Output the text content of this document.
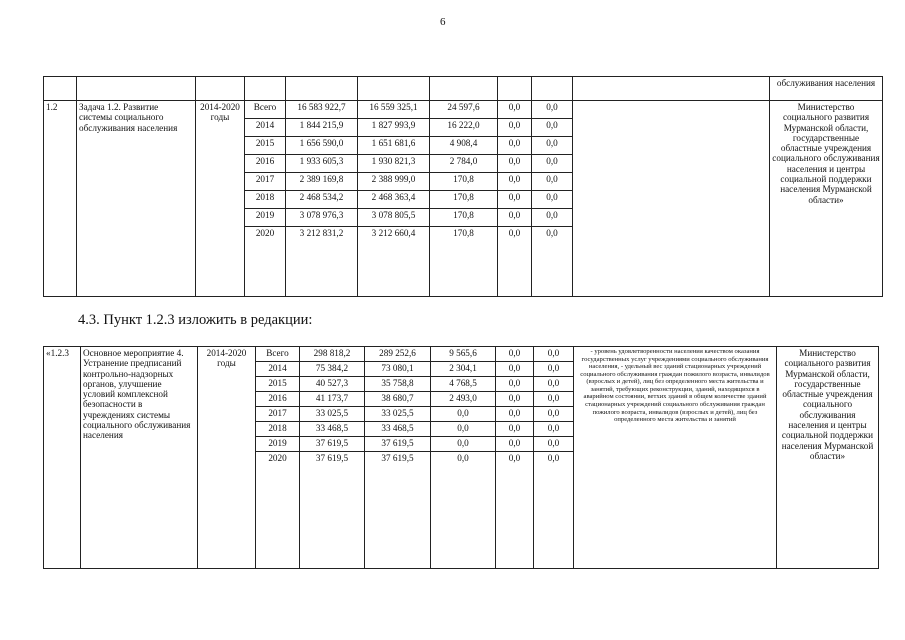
6
										обслуживания населения
1.2	Задача 1.2. Развитие системы социального обслуживания населения	2014-2020 годы	Всего	16 583 922,7	16 559 325,1	24 597,6	0,0	0,0		Министерство социального развития Мурманской области, государственные областные учреждения социального обслуживания населения и центры социальной поддержки населения Мурманской области»
			2014	1 844 215,9	1 827 993,9	16 222,0	0,0	0,0		
			2015	1 656 590,0	1 651 681,6	4 908,4	0,0	0,0		
			2016	1 933 605,3	1 930 821,3	2 784,0	0,0	0,0		
			2017	2 389 169,8	2 388 999,0	170,8	0,0	0,0		
			2018	2 468 534,2	2 468 363,4	170,8	0,0	0,0		
			2019	3 078 976,3	3 078 805,5	170,8	0,0	0,0		
			2020	3 212 831,2	3 212 660,4	170,8	0,0	0,0		
4.3. Пункт 1.2.3 изложить в редакции:
«1.2.3	Основное мероприятие 4. Устранение предписаний контрольно-надзорных органов, улучшение условий комплексной безопасности в учреждениях системы социального обслуживания населения	2014-2020 годы	Всего	298 818,2	289 252,6	9 565,6	0,0	0,0	- уровень удовлетворенности населения качеством оказания государственных услуг учреждениями социального обслуживания населения, - удельный вес зданий стационарных учреждений социального обслуживания граждан пожилого возраста, инвалидов (взрослых и детей), лиц без определенного места жительства и занятий, требующих реконструкции, зданий, находящихся в аварийном состоянии, ветхих зданий в общем количестве зданий стационарных учреждений социального обслуживания граждан пожилого возраста, инвалидов (взрослых и детей), лиц без определенного места жительства и занятий	Министерство социального развития Мурманской области, государственные областные учреждения социального обслуживания населения и центры социальной поддержки населения Мурманской области»
			2014	75 384,2	73 080,1	2 304,1	0,0	0,0		
			2015	40 527,3	35 758,8	4 768,5	0,0	0,0		
			2016	41 173,7	38 680,7	2 493,0	0,0	0,0		
			2017	33 025,5	33 025,5	0,0	0,0	0,0		
			2018	33 468,5	33 468,5	0,0	0,0	0,0		
			2019	37 619,5	37 619,5	0,0	0,0	0,0		
			2020	37 619,5	37 619,5	0,0	0,0	0,0		
